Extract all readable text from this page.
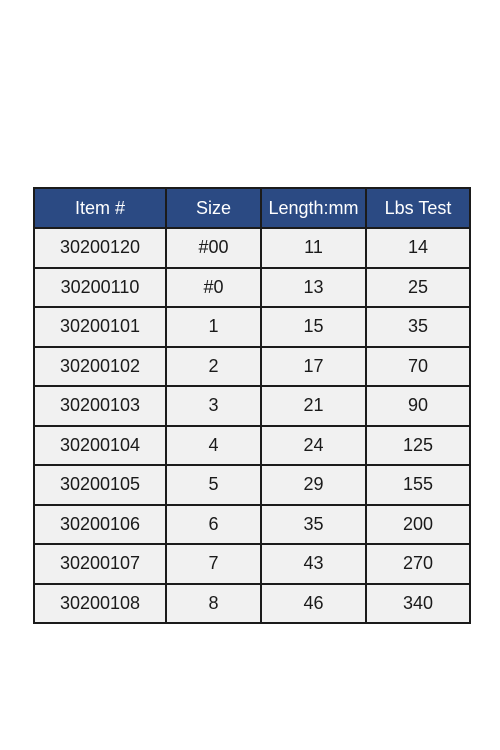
Item #	Size	Length:mm	Lbs Test
30200120	#00	11	14
30200110	#0	13	25
30200101	1	15	35
30200102	2	17	70
30200103	3	21	90
30200104	4	24	125
30200105	5	29	155
30200106	6	35	200
30200107	7	43	270
30200108	8	46	340
